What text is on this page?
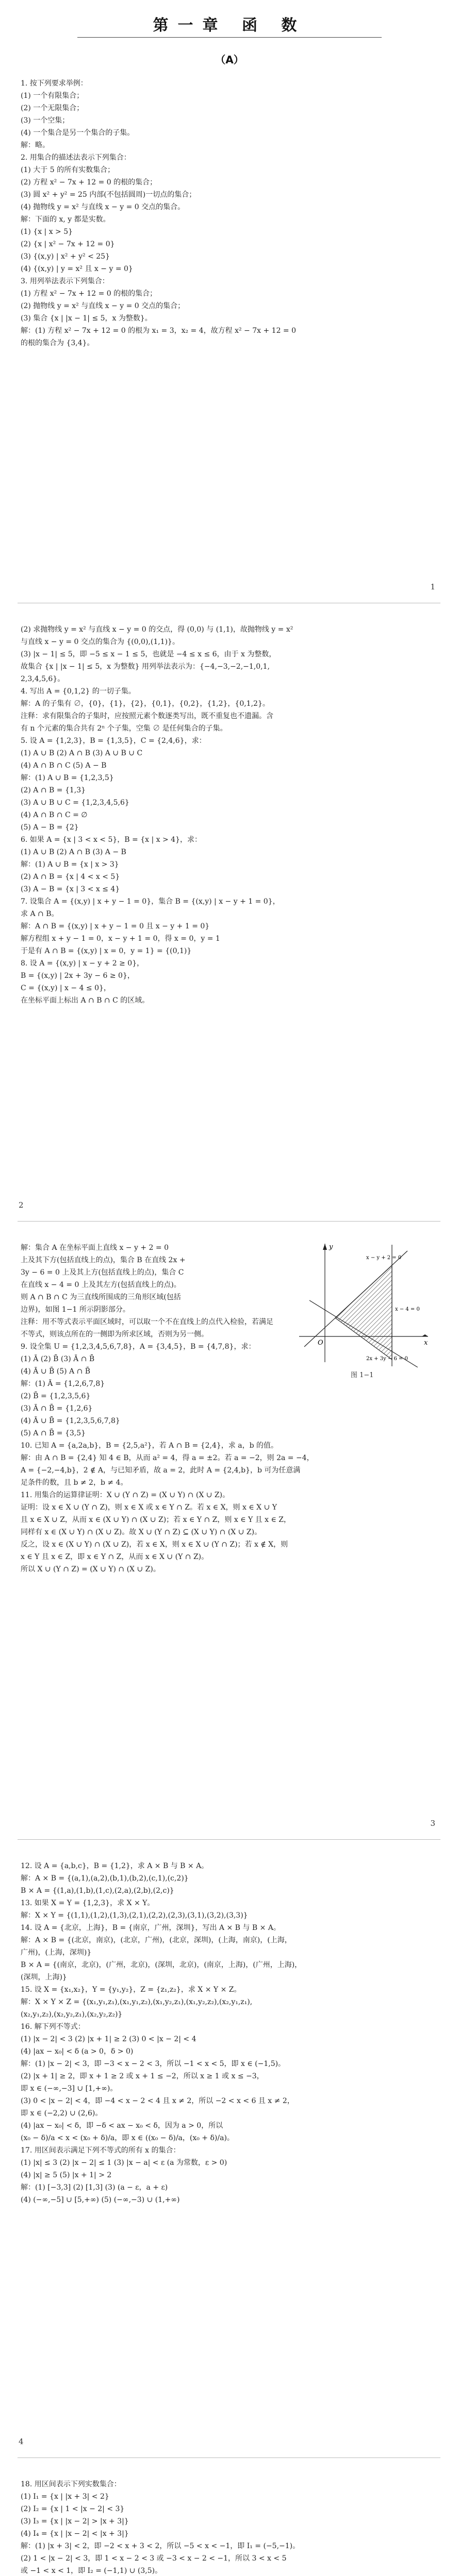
第一章 函 数
（A）
1. 按下列要求举例：
(1) 一个有限集合；
(2) 一个无限集合；
(3) 一个空集；
(4) 一个集合是另一个集合的子集。
解：略。
2. 用集合的描述法表示下列集合：
(1) 大于 5 的所有实数集合；
(2) 方程 x² − 7x + 12 = 0 的根的集合；
(3) 圆 x² + y² = 25 内部(不包括圆周)一切点的集合；
(4) 抛物线 y = x² 与直线 x − y = 0 交点的集合。
解：下面的 x, y 都是实数。
(1) {x | x > 5}
(2) {x | x² − 7x + 12 = 0}
(3) {(x,y) | x² + y² < 25}
(4) {(x,y) | y = x² 且 x − y = 0}
3. 用列举法表示下列集合：
(1) 方程 x² − 7x + 12 = 0 的根的集合；
(2) 抛物线 y = x² 与直线 x − y = 0 交点的集合；
(3) 集合 {x | |x − 1| ≤ 5，x 为整数}。
解：(1) 方程 x² − 7x + 12 = 0 的根为 x₁ = 3，x₂ = 4，故方程 x² − 7x + 12 = 0
的根的集合为 {3,4}。
1
(2) 求抛物线 y = x² 与直线 x − y = 0 的交点，得 (0,0) 与 (1,1)，故抛物线 y = x²
与直线 x − y = 0 交点的集合为 {(0,0),(1,1)}。
(3) |x − 1| ≤ 5，即 −5 ≤ x − 1 ≤ 5，也就是 −4 ≤ x ≤ 6，由于 x 为整数，
故集合 {x | |x − 1| ≤ 5，x 为整数} 用列举法表示为：{−4,−3,−2,−1,0,1,
2,3,4,5,6}。
4. 写出 A = {0,1,2} 的一切子集。
解：A 的子集有 ∅，{0}，{1}，{2}，{0,1}，{0,2}，{1,2}，{0,1,2}。
注释：求有限集合的子集时，应按照元素个数逐类写出，既不重复也不遗漏。含
有 n 个元素的集合共有 2ⁿ 个子集，空集 ∅ 是任何集合的子集。
5. 设 A = {1,2,3}，B = {1,3,5}，C = {2,4,6}，求：
(1) A ∪ B (2) A ∩ B (3) A ∪ B ∪ C
(4) A ∩ B ∩ C (5) A − B
解：(1) A ∪ B = {1,2,3,5}
(2) A ∩ B = {1,3}
(3) A ∪ B ∪ C = {1,2,3,4,5,6}
(4) A ∩ B ∩ C = ∅
(5) A − B = {2}
6. 如果 A = {x | 3 < x < 5}，B = {x | x > 4}，求：
(1) A ∪ B (2) A ∩ B (3) A − B
解：(1) A ∪ B = {x | x > 3}
(2) A ∩ B = {x | 4 < x < 5}
(3) A − B = {x | 3 < x ≤ 4}
7. 设集合 A = {(x,y) | x + y − 1 = 0}，集合 B = {(x,y) | x − y + 1 = 0}，
求 A ∩ B。
解：A ∩ B = {(x,y) | x + y − 1 = 0 且 x − y + 1 = 0}
解方程组 x + y − 1 = 0，x − y + 1 = 0，得 x = 0，y = 1
于是有 A ∩ B = {(x,y) | x = 0，y = 1} = {(0,1)}
8. 设 A = {(x,y) | x − y + 2 ≥ 0}，
B = {(x,y) | 2x + 3y − 6 ≥ 0}，
C = {(x,y) | x − 4 ≤ 0}，
在坐标平面上标出 A ∩ B ∩ C 的区域。
2
解：集合 A 在坐标平面上直线 x − y + 2 = 0
上及其下方(包括直线上的点)，集合 B 在直线 2x +
3y − 6 = 0 上及其上方(包括直线上的点)，集合 C
在直线 x − 4 = 0 上及其左方(包括直线上的点)。
则 A ∩ B ∩ C 为三直线所围成的三角形区域(包括
边界)，如图 1−1 所示阴影部分。
注释：用不等式表示平面区域时，可以取一个不在直线上的点代入检验，若满足
不等式，则该点所在的一侧即为所求区域，否则为另一侧。
9. 设全集 U = {1,2,3,4,5,6,7,8}，A = {3,4,5}，B = {4,7,8}，求：
(1) Ā (2) B̄ (3) Ā ∩ B̄
(4) Ā ∪ B̄ (5) A ∩ B̄
解：(1) Ā = {1,2,6,7,8}
(2) B̄ = {1,2,3,5,6}
(3) Ā ∩ B̄ = {1,2,6}
(4) Ā ∪ B̄ = {1,2,3,5,6,7,8}
(5) A ∩ B̄ = {3,5}
10. 已知 A = {a,2a,b}，B = {2,5,a²}，若 A ∩ B = {2,4}，求 a，b 的值。
解：由 A ∩ B = {2,4} 知 4 ∈ B，从而 a² = 4，得 a = ±2。若 a = −2，则 2a = −4，
A = {−2,−4,b}，2 ∉ A，与已知矛盾，故 a = 2，此时 A = {2,4,b}，b 可为任意满
足条件的数，且 b ≠ 2，b ≠ 4。
11. 用集合的运算律证明：X ∪ (Y ∩ Z) = (X ∪ Y) ∩ (X ∪ Z)。
证明：设 x ∈ X ∪ (Y ∩ Z)，则 x ∈ X 或 x ∈ Y ∩ Z。若 x ∈ X，则 x ∈ X ∪ Y
且 x ∈ X ∪ Z，从而 x ∈ (X ∪ Y) ∩ (X ∪ Z)；若 x ∈ Y ∩ Z，则 x ∈ Y 且 x ∈ Z，
同样有 x ∈ (X ∪ Y) ∩ (X ∪ Z)。故 X ∪ (Y ∩ Z) ⊆ (X ∪ Y) ∩ (X ∪ Z)。
反之，设 x ∈ (X ∪ Y) ∩ (X ∪ Z)，若 x ∈ X，则 x ∈ X ∪ (Y ∩ Z)；若 x ∉ X，则
x ∈ Y 且 x ∈ Z，即 x ∈ Y ∩ Z，从而 x ∈ X ∪ (Y ∩ Z)。
所以 X ∪ (Y ∩ Z) = (X ∪ Y) ∩ (X ∪ Z)。
x
y
O
x − y + 2 = 0
2x + 3y − 6 = 0
x − 4 = 0
图 1−1
3
12. 设 A = {a,b,c}，B = {1,2}，求 A × B 与 B × A。
解：A × B = {(a,1),(a,2),(b,1),(b,2),(c,1),(c,2)}
B × A = {(1,a),(1,b),(1,c),(2,a),(2,b),(2,c)}
13. 如果 X = Y = {1,2,3}，求 X × Y。
解：X × Y = {(1,1),(1,2),(1,3),(2,1),(2,2),(2,3),(3,1),(3,2),(3,3)}
14. 设 A = {北京，上海}，B = {南京，广州，深圳}，写出 A × B 与 B × A。
解：A × B = {(北京，南京)，(北京，广州)，(北京，深圳)，(上海，南京)，(上海，
广州)，(上海，深圳)}
B × A = {(南京，北京)，(广州，北京)，(深圳，北京)，(南京，上海)，(广州，上海)，
(深圳，上海)}
15. 设 X = {x₁,x₂}，Y = {y₁,y₂}，Z = {z₁,z₂}，求 X × Y × Z。
解：X × Y × Z = {(x₁,y₁,z₁),(x₁,y₁,z₂),(x₁,y₂,z₁),(x₁,y₂,z₂),(x₂,y₁,z₁),
(x₂,y₁,z₂),(x₂,y₂,z₁),(x₂,y₂,z₂)}
16. 解下列不等式：
(1) |x − 2| < 3 (2) |x + 1| ≥ 2 (3) 0 < |x − 2| < 4
(4) |ax − x₀| < δ (a > 0，δ > 0)
解：(1) |x − 2| < 3，即 −3 < x − 2 < 3，所以 −1 < x < 5，即 x ∈ (−1,5)。
(2) |x + 1| ≥ 2，即 x + 1 ≥ 2 或 x + 1 ≤ −2，所以 x ≥ 1 或 x ≤ −3，
即 x ∈ (−∞,−3] ∪ [1,+∞)。
(3) 0 < |x − 2| < 4，即 −4 < x − 2 < 4 且 x ≠ 2，所以 −2 < x < 6 且 x ≠ 2，
即 x ∈ (−2,2) ∪ (2,6)。
(4) |ax − x₀| < δ，即 −δ < ax − x₀ < δ，因为 a > 0，所以
(x₀ − δ)/a < x < (x₀ + δ)/a，即 x ∈ ((x₀ − δ)/a，(x₀ + δ)/a)。
17. 用区间表示满足下列不等式的所有 x 的集合：
(1) |x| ≤ 3 (2) |x − 2| ≤ 1 (3) |x − a| < ε (a 为常数，ε > 0)
(4) |x| ≥ 5 (5) |x + 1| > 2
解：(1) [−3,3] (2) [1,3] (3) (a − ε，a + ε)
(4) (−∞,−5] ∪ [5,+∞) (5) (−∞,−3) ∪ (1,+∞)
4
18. 用区间表示下列实数集合：
(1) I₁ = {x | |x + 3| < 2}
(2) I₂ = {x | 1 < |x − 2| < 3}
(3) I₃ = {x | |x − 2| > |x + 3|}
(4) I₄ = {x | |x − 2| < |x + 3|}
解：(1) |x + 3| < 2，即 −2 < x + 3 < 2，所以 −5 < x < −1，即 I₁ = (−5,−1)。
(2) 1 < |x − 2| < 3，即 1 < x − 2 < 3 或 −3 < x − 2 < −1，所以 3 < x < 5
或 −1 < x < 1，即 I₂ = (−1,1) ∪ (3,5)。
